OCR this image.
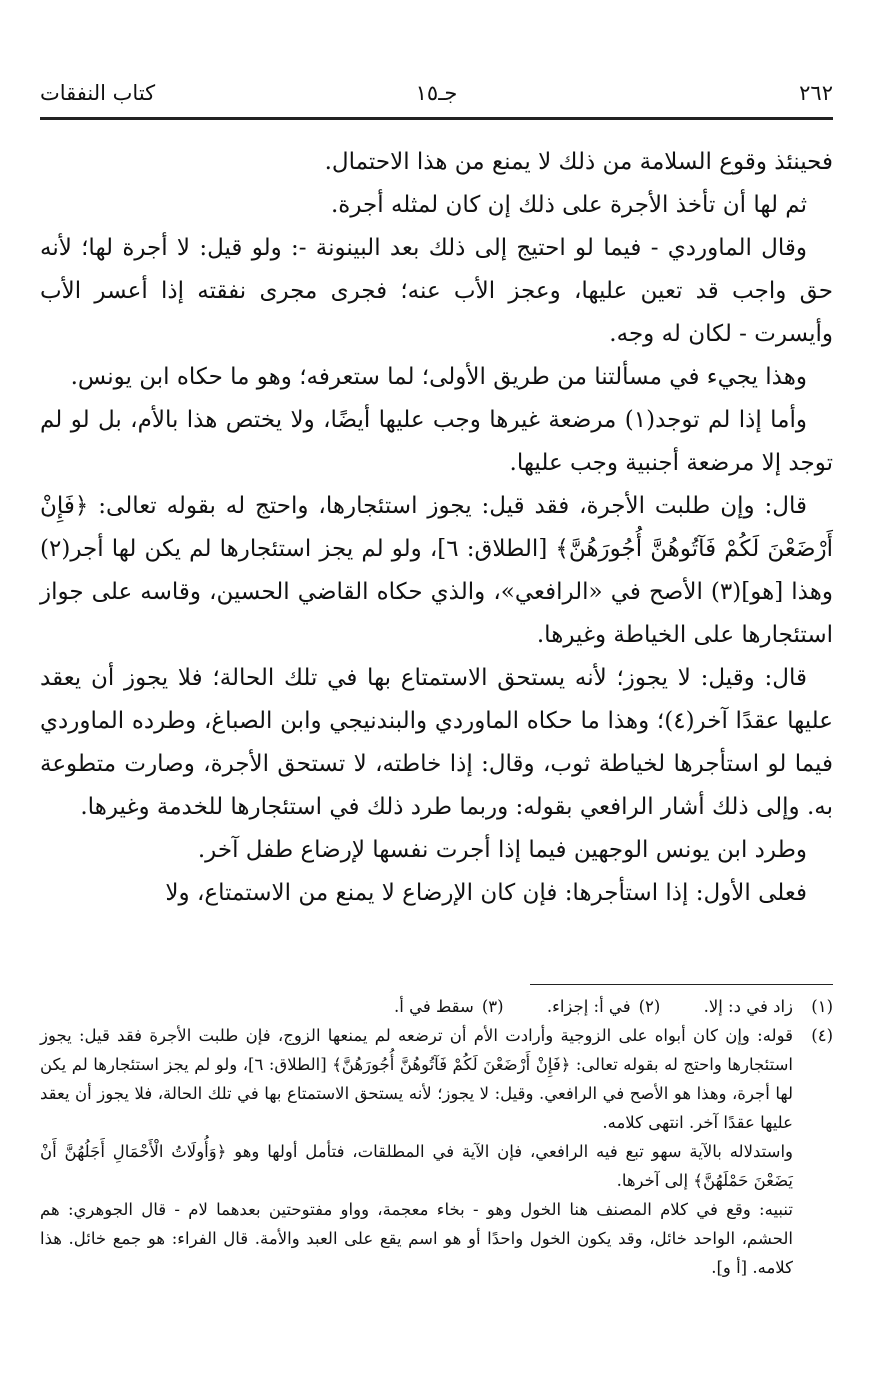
٢٦٢
جـ١٥
كتاب النفقات

فحينئذ وقوع السلامة من ذلك لا يمنع من هذا الاحتمال.

ثم لها أن تأخذ الأجرة على ذلك إن كان لمثله أجرة.

وقال الماوردي - فيما لو احتيج إلى ذلك بعد البينونة -: ولو قيل: لا أجرة لها؛ لأنه حق واجب قد تعين عليها، وعجز الأب عنه؛ فجرى مجرى نفقته إذا أعسر الأب وأيسرت - لكان له وجه.

وهذا يجيء في مسألتنا من طريق الأولى؛ لما ستعرفه؛ وهو ما حكاه ابن يونس.

وأما إذا لم توجد(١) مرضعة غيرها وجب عليها أيضًا، ولا يختص هذا بالأم، بل لو لم توجد إلا مرضعة أجنبية وجب عليها.

قال: وإن طلبت الأجرة، فقد قيل: يجوز استئجارها، واحتج له بقوله تعالى: ﴿فَإِنْ أَرْضَعْنَ لَكُمْ فَآتُوهُنَّ أُجُورَهُنَّ﴾ [الطلاق: ٦]، ولو لم يجز استئجارها لم يكن لها أجر(٢) وهذا [هو](٣) الأصح في «الرافعي»، والذي حكاه القاضي الحسين، وقاسه على جواز استئجارها على الخياطة وغيرها.

قال: وقيل: لا يجوز؛ لأنه يستحق الاستمتاع بها في تلك الحالة؛ فلا يجوز أن يعقد عليها عقدًا آخر(٤)؛ وهذا ما حكاه الماوردي والبندنيجي وابن الصباغ، وطرده الماوردي فيما لو استأجرها لخياطة ثوب، وقال: إذا خاطته، لا تستحق الأجرة، وصارت متطوعة به. وإلى ذلك أشار الرافعي بقوله: وربما طرد ذلك في استئجارها للخدمة وغيرها.

وطرد ابن يونس الوجهين فيما إذا أجرت نفسها لإرضاع طفل آخر.

فعلى الأول: إذا استأجرها: فإن كان الإرضاع لا يمنع من الاستمتاع، ولا

(١)
زاد في د: إلا. (٢)في أ: إجزاء. (٣)سقط في أ.
(٤)

قوله: وإن كان أبواه على الزوجية وأرادت الأم أن ترضعه لم يمنعها الزوج، فإن طلبت الأجرة فقد قيل: يجوز استئجارها واحتج له بقوله تعالى: ﴿فَإِنْ أَرْضَعْنَ لَكُمْ فَآتُوهُنَّ أُجُورَهُنَّ﴾ [الطلاق: ٦]، ولو لم يجز استئجارها لم يكن لها أجرة، وهذا هو الأصح في الرافعي. وقيل: لا يجوز؛ لأنه يستحق الاستمتاع بها في تلك الحالة، فلا يجوز أن يعقد عليها عقدًا آخر. انتهى كلامه.

واستدلاله بالآية سهو تبع فيه الرافعي، فإن الآية في المطلقات، فتأمل أولها وهو ﴿وَأُولَاتُ الْأَحْمَالِ أَجَلُهُنَّ أَنْ يَضَعْنَ حَمْلَهُنَّ﴾ إلى آخرها.

تنبيه: وقع في كلام المصنف هنا الخول وهو - بخاء معجمة، وواو مفتوحتين بعدهما لام - قال الجوهري: هم الحشم، الواحد خائل، وقد يكون الخول واحدًا أو هو اسم يقع على العبد والأمة. قال الفراء: هو جمع خائل. هذا كلامه. [أ و].
